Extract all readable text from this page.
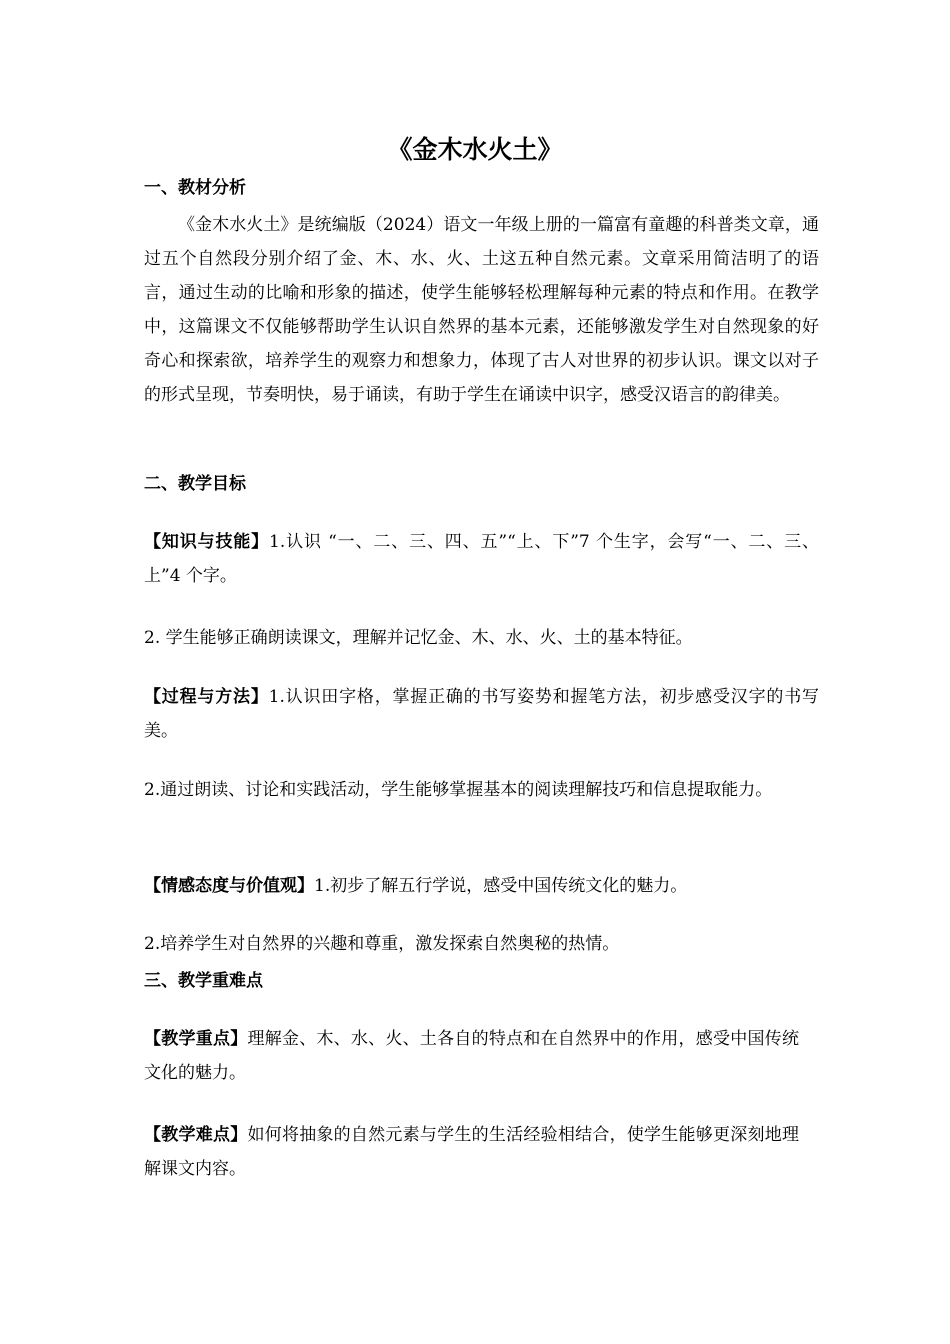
《金木水火土》
一、教材分析

《金木水火土》是统编版（2024）语文一年级上册的一篇富有童趣的科普类文章，通过五个自然段分别介绍了金、木、水、火、土这五种自然元素。文章采用简洁明了的语言，通过生动的比喻和形象的描述，使学生能够轻松理解每种元素的特点和作用。在教学中，这篇课文不仅能够帮助学生认识自然界的基本元素，还能够激发学生对自然现象的好奇心和探索欲，培养学生的观察力和想象力，体现了古人对世界的初步认识。课文以对子的形式呈现，节奏明快，易于诵读，有助于学生在诵读中识字，感受汉语言的韵律美。

二、教学目标

【知识与技能】1.认识 “一、二、三、四、五”“上、下”7 个生字，会写“一、二、三、上”4 个字。

2. 学生能够正确朗读课文，理解并记忆金、木、水、火、土的基本特征。

【过程与方法】1.认识田字格，掌握正确的书写姿势和握笔方法，初步感受汉字的书写美。

2.通过朗读、讨论和实践活动，学生能够掌握基本的阅读理解技巧和信息提取能力。

【情感态度与价值观】1.初步了解五行学说，感受中国传统文化的魅力。

2.培养学生对自然界的兴趣和尊重，激发探索自然奥秘的热情。

三、教学重难点

【教学重点】理解金、木、水、火、土各自的特点和在自然界中的作用，感受中国传统文化的魅力。

【教学难点】如何将抽象的自然元素与学生的生活经验相结合，使学生能够更深刻地理解课文内容。
